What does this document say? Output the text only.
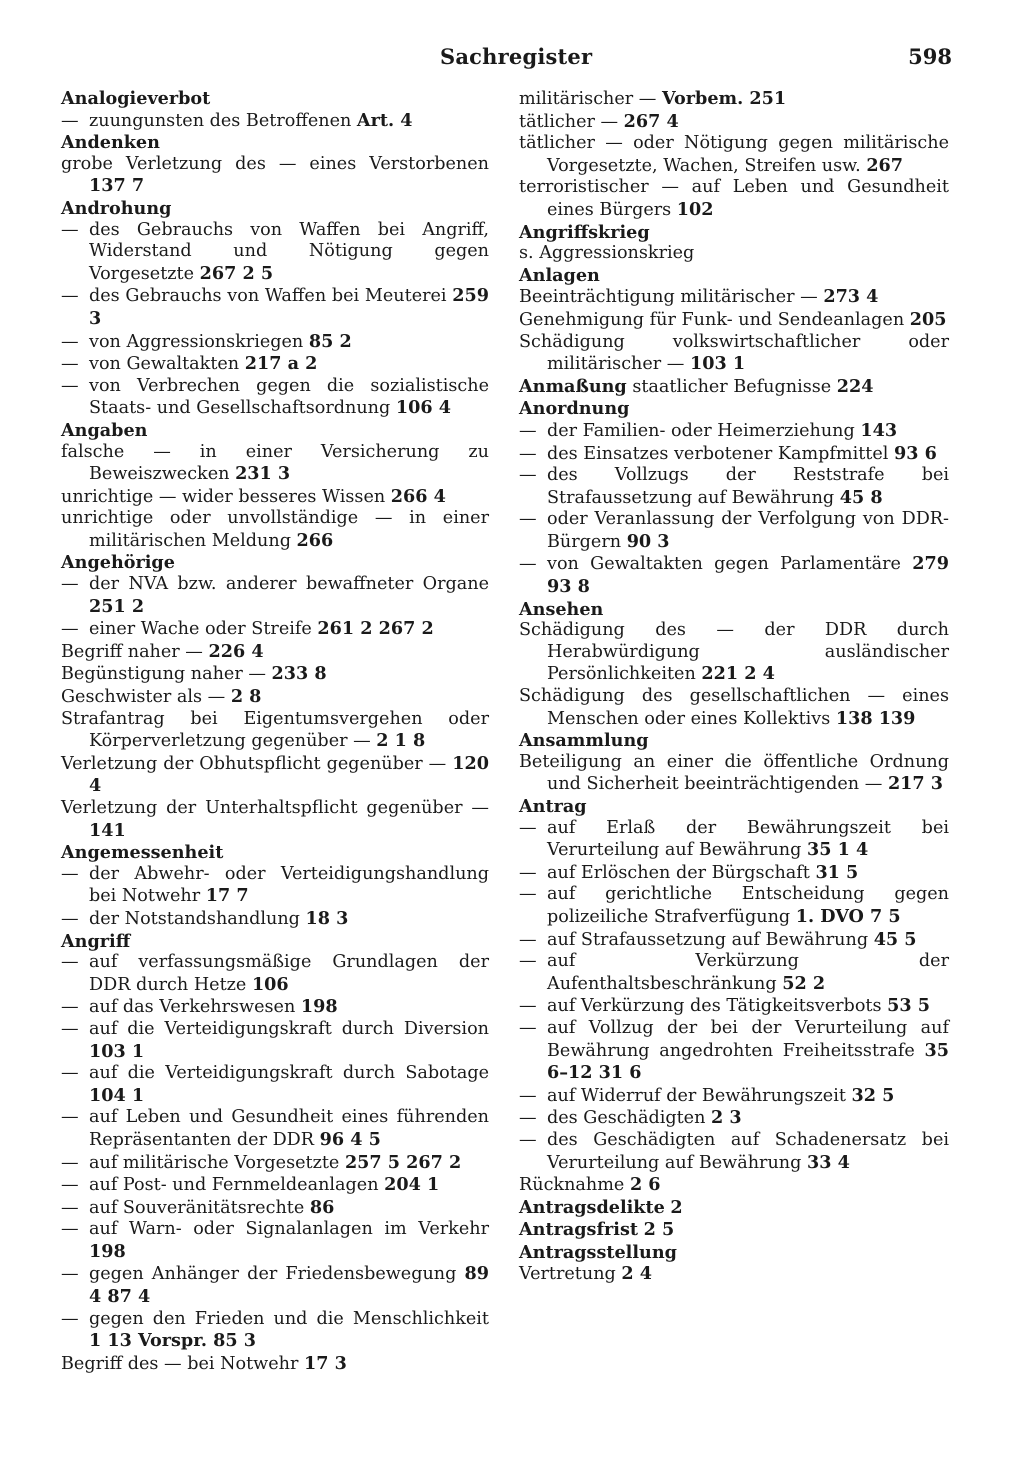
Sachregister	598
Analogieverbot
— zuungunsten des Betroffenen Art. 4
Andenken
grobe Verletzung des — eines Verstorbenen 137 7
Androhung
— des Gebrauchs von Waffen bei Angriff, Widerstand und Nötigung gegen Vorgesetzte 267 2 5
— des Gebrauchs von Waffen bei Meuterei 259 3
— von Aggressionskriegen 85 2
— von Gewaltakten 217 a 2
— von Verbrechen gegen die sozialistische Staats- und Gesellschaftsordnung 106 4
Angaben
falsche — in einer Versicherung zu Beweiszwecken 231 3
unrichtige — wider besseres Wissen 266 4
unrichtige oder unvollständige — in einer militärischen Meldung 266
Angehörige
— der NVA bzw. anderer bewaffneter Organe 251 2
— einer Wache oder Streife 261 2 267 2
Begriff naher — 226 4
Begünstigung naher — 233 8
Geschwister als — 2 8
Strafantrag bei Eigentumsvergehen oder Körperverletzung gegenüber — 2 1 8
Verletzung der Obhutspflicht gegenüber — 120 4
Verletzung der Unterhaltspflicht gegenüber — 141
Angemessenheit
— der Abwehr- oder Verteidigungshandlung bei Notwehr 17 7
— der Notstandshandlung 18 3
Angriff
— auf verfassungsmäßige Grundlagen der DDR durch Hetze 106
— auf das Verkehrswesen 198
— auf die Verteidigungskraft durch Diversion 103 1
— auf die Verteidigungskraft durch Sabotage 104 1
— auf Leben und Gesundheit eines führenden Repräsentanten der DDR 96 4 5
— auf militärische Vorgesetzte 257 5 267 2
— auf Post- und Fernmeldeanlagen 204 1
— auf Souveränitätsrechte 86
— auf Warn- oder Signalanlagen im Verkehr 198
— gegen Anhänger der Friedensbewegung 89 4 87 4
— gegen den Frieden und die Menschlichkeit 1 13 Vorspr. 85 3
Begriff des — bei Notwehr 17 3
militärischer — Vorbem. 251
tätlicher — 267 4
tätlicher — oder Nötigung gegen militärische Vorgesetzte, Wachen, Streifen usw. 267
terroristischer — auf Leben und Gesundheit eines Bürgers 102
Angriffskrieg
s. Aggressionskrieg
Anlagen
Beeinträchtigung militärischer — 273 4
Genehmigung für Funk- und Sendeanlagen 205
Schädigung volkswirtschaftlicher oder militärischer — 103 1
Anmaßung staatlicher Befugnisse 224
Anordnung
— der Familien- oder Heimerziehung 143
— des Einsatzes verbotener Kampfmittel 93 6
— des Vollzugs der Reststrafe bei Strafaussetzung auf Bewährung 45 8
— oder Veranlassung der Verfolgung von DDR-Bürgern 90 3
— von Gewaltakten gegen Parlamentäre 279 93 8
Ansehen
Schädigung des — der DDR durch Herabwürdigung ausländischer Persönlichkeiten 221 2 4
Schädigung des gesellschaftlichen — eines Menschen oder eines Kollektivs 138 139
Ansammlung
Beteiligung an einer die öffentliche Ordnung und Sicherheit beeinträchtigenden — 217 3
Antrag
— auf Erlaß der Bewährungszeit bei Verurteilung auf Bewährung 35 1 4
— auf Erlöschen der Bürgschaft 31 5
— auf gerichtliche Entscheidung gegen polizeiliche Strafverfügung 1. DVO 7 5
— auf Strafaussetzung auf Bewährung 45 5
— auf Verkürzung der Aufenthaltsbeschränkung 52 2
— auf Verkürzung des Tätigkeitsverbots 53 5
— auf Vollzug der bei der Verurteilung auf Bewährung angedrohten Freiheitsstrafe 35 6–12 31 6
— auf Widerruf der Bewährungszeit 32 5
— des Geschädigten 2 3
— des Geschädigten auf Schadenersatz bei Verurteilung auf Bewährung 33 4
Rücknahme 2 6
Antragsdelikte 2
Antragsfrist 2 5
Antragsstellung
Vertretung 2 4
